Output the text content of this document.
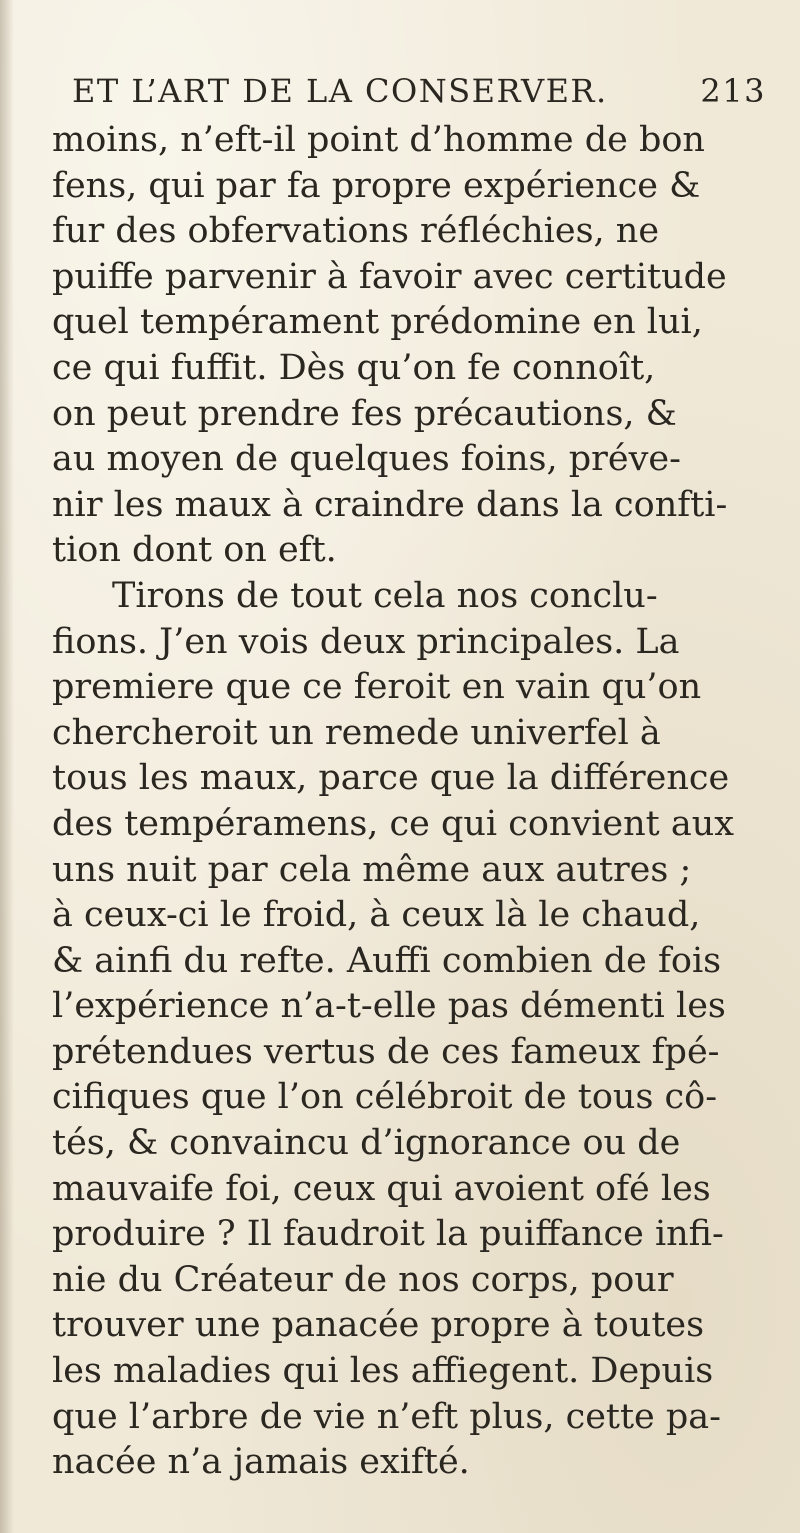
ET L’ART DE LA CONSERVER.	213
moins, n’eft-il point d’homme de bon
fens, qui par fa propre expérience &
fur des obfervations réfléchies, ne
puiffe parvenir à favoir avec certitude
quel tempérament prédomine en lui,
ce qui fuffit. Dès qu’on fe connoît,
on peut prendre fes précautions, &
au moyen de quelques foins, préve-
nir les maux à craindre dans la confti-
tion dont on eft.
Tirons de tout cela nos conclu-
fions. J’en vois deux principales. La
premiere que ce feroit en vain qu’on
chercheroit un remede univerfel à
tous les maux, parce que la différence
des tempéramens, ce qui convient aux
uns nuit par cela même aux autres ;
à ceux-ci le froid, à ceux là le chaud,
& ainfi du refte. Auffi combien de fois
l’expérience n’a-t-elle pas démenti les
prétendues vertus de ces fameux fpé-
cifiques que l’on célébroit de tous cô-
tés, & convaincu d’ignorance ou de
mauvaife foi, ceux qui avoient ofé les
produire ? Il faudroit la puiffance infi-
nie du Créateur de nos corps, pour
trouver une panacée propre à toutes
les maladies qui les affiegent. Depuis
que l’arbre de vie n’eft plus, cette pa-
nacée n’a jamais exifté.
